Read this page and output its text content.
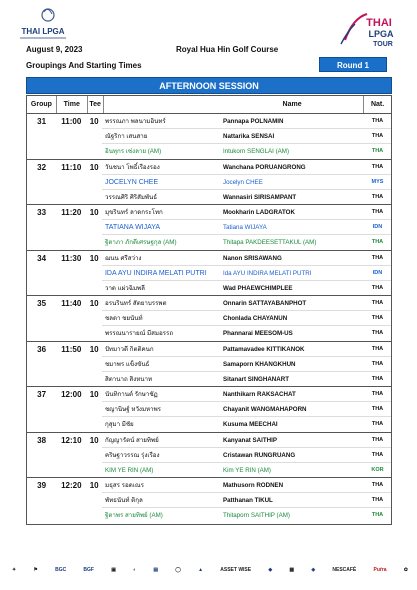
THAI LPGA
THAI
LPGA
TOUR
August 9, 2023	Royal Hua Hin Golf Course
Groupings And Starting Times	Round 1
AFTERNOON SESSION
Group	Time	Tee	Name	Nat.
31	11:00	10	พรรณภา พลนามอินทร์	Pannapa POLNAMIN	THA
ณัฐริกา เสนสาย	Nattarika SENSAI	THA
อินทุกร เซ่งลาย (AM)	Intukorn SENGLAI (AM)	THA
32	11:10	10	วันชนา โพธิ์เรืองรอง	Wanchana PORUANGRONG	THA
JOCELYN CHEE	Jocelyn CHEE	MYS
วรรณศิริ ศิริสัมพันธ์	Wannasiri SIRISAMPANT	THA
33	11:20	10	มุขรินทร์ ลาดกระโทก	Mookharin LADGRATOK	THA
TATIANA WIJAYA	Tatiana WIJAYA	IDN
ฐิตาภา ภักดีเศรษฐกุล (AM)	Thitapa PAKDEESETTAKUL (AM)	THA
34	11:30	10	ฌนน ศรีสว่าง	Nanon SRISAWANG	THA
IDA AYU INDIRA MELATI PUTRI	Ida AYU INDIRA MELATI PUTRI	IDN
วาด แผ่วฉิมพลี	Wad PHAEWCHIMPLEE	THA
35	11:40	10	อรนรินทร์ สัตยาบรรพต	Onnarin SATTAYABANPHOT	THA
ชลดา ชยนันท์	Chonlada CHAYANUN	THA
พรรณนารายณ์ มีสมอรรถ	Phannarai MEESOM-US	THA
36	11:50	10	ปัทมาวดี กิตติคนก	Pattamavadee KITTIKANOK	THA
ชมาพร แข็งขันธ์	Samaporn KHANGKHUN	THA
สิตานาถ สิงหนาท	Sitanart SINGHANART	THA
37	12:00	10	นันทิกานต์ รักษาชัฏ	Nanthikarn RAKSACHAT	THA
ชญานิษฐ์ หวังมหาพร	Chayanit WANGMAHAPORN	THA
กุสุมา มีชัย	Kusuma MEECHAI	THA
38	12:10	10	กัญญารัตน์ สายทิพย์	Kanyanat SAITHIP	THA
คริษฐาวรรณ รุ่งเรือง	Cristawan RUNGRUANG	THA
KIM YE RIN (AM)	Kim YE RIN (AM)	KOR
39	12:20	10	มธุสร รอดเณร	Mathusorn RODNEN	THA
พัทธนันท์ ติกุล	Patthanan TIKUL	THA
ฐิตาพร สายทิพย์ (AM)	Thitaporn SAITHIP (AM)	THA
✦	⚑	BGC	BGF	▣	◐	▤	◯	▲	ASSET WISE	◆	▦	◈	NESCAFÉ	Puŕra	✿
